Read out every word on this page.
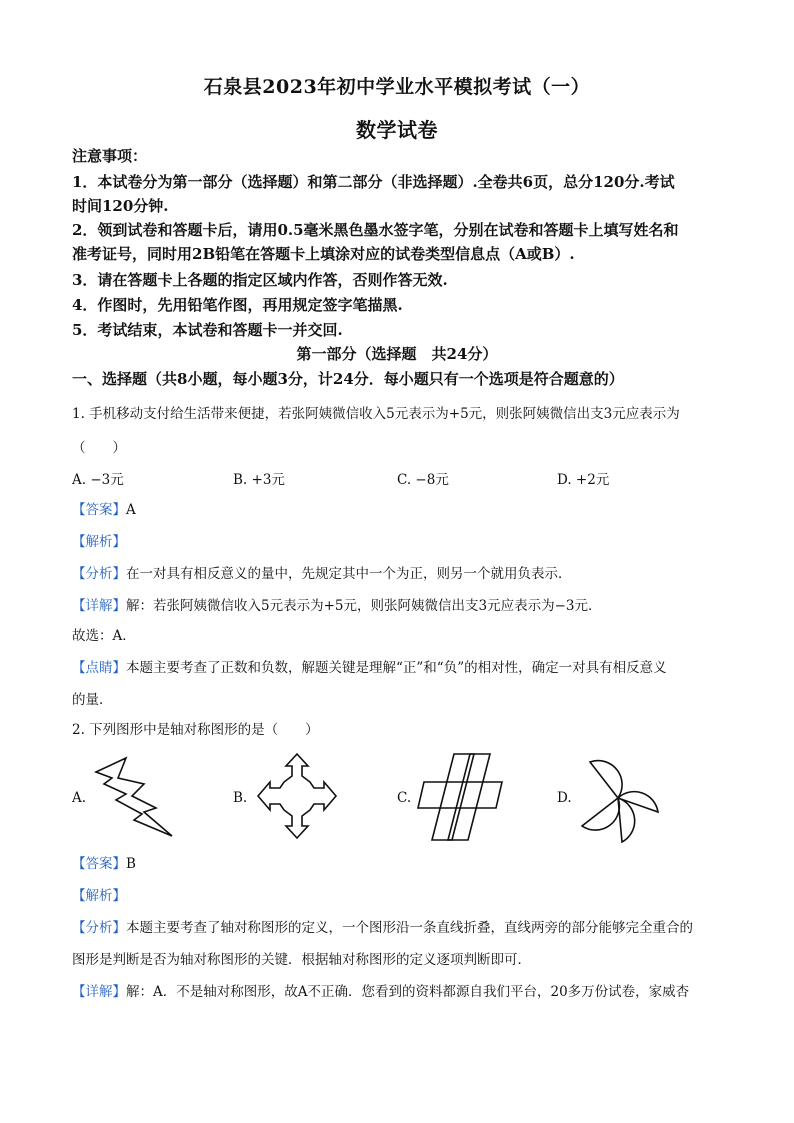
石泉县2023年初中学业水平模拟考试（一）
数学试卷
注意事项：
1．本试卷分为第一部分（选择题）和第二部分（非选择题）.全卷共6页，总分120分.考试
时间120分钟.
2．领到试卷和答题卡后，请用0.5毫米黑色墨水签字笔，分别在试卷和答题卡上填写姓名和
准考证号，同时用2B铅笔在答题卡上填涂对应的试卷类型信息点（A或B）.
3．请在答题卡上各题的指定区域内作答，否则作答无效.
4．作图时，先用铅笔作图，再用规定签字笔描黑.
5．考试结束，本试卷和答题卡一并交回.
第一部分（选择题　共24分）
一、选择题（共8小题，每小题3分，计24分．每小题只有一个选项是符合题意的）
1. 手机移动支付给生活带来便捷，若张阿姨微信收入5元表示为+5元，则张阿姨微信出支3元应表示为
（　　）
A. −3元	B. +3元	C. −8元	D. +2元
【答案】A
【解析】
【分析】在一对具有相反意义的量中，先规定其中一个为正，则另一个就用负表示．
【详解】解：若张阿姨微信收入5元表示为+5元，则张阿姨微信出支3元应表示为−3元．
故选：A．
【点睛】本题主要考查了正数和负数，解题关键是理解“正”和“负”的相对性，确定一对具有相反意义
的量．
2. 下列图形中是轴对称图形的是（　　）
A.	B.	C.	D.
【答案】B
【解析】
【分析】本题主要考查了轴对称图形的定义，一个图形沿一条直线折叠，直线两旁的部分能够完全重合的
图形是判断是否为轴对称图形的关键．根据轴对称图形的定义逐项判断即可．
【详解】解：A．不是轴对称图形，故A不正确．您看到的资料都源自我们平台，20多万份试卷，家威杏
